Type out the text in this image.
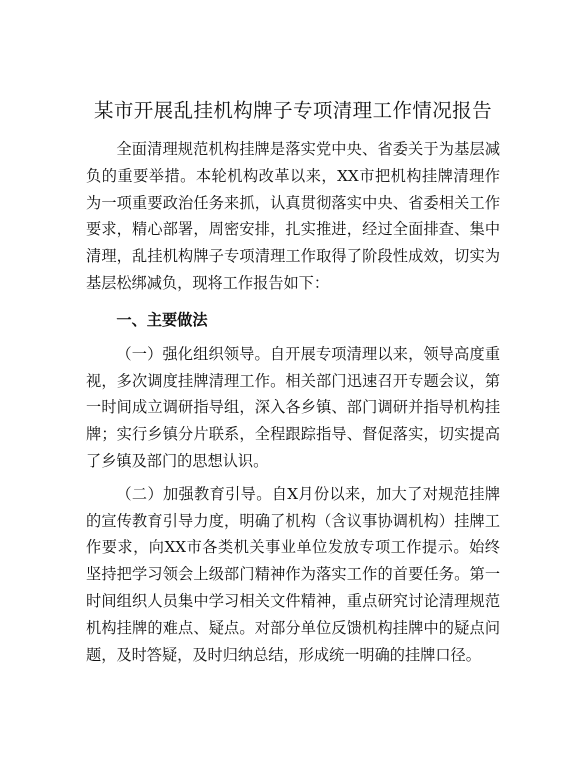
某市开展乱挂机构牌子专项清理工作情况报告

全面清理规范机构挂牌是落实党中央、省委关于为基层减负的重要举措。本轮机构改革以来，XX市把机构挂牌清理作为一项重要政治任务来抓，认真贯彻落实中央、省委相关工作要求，精心部署，周密安排，扎实推进，经过全面排查、集中清理，乱挂机构牌子专项清理工作取得了阶段性成效，切实为基层松绑减负，现将工作报告如下：

一、主要做法

（一）强化组织领导。自开展专项清理以来，领导高度重视，多次调度挂牌清理工作。相关部门迅速召开专题会议，第一时间成立调研指导组，深入各乡镇、部门调研并指导机构挂牌；实行乡镇分片联系，全程跟踪指导、督促落实，切实提高了乡镇及部门的思想认识。

（二）加强教育引导。自X月份以来，加大了对规范挂牌的宣传教育引导力度，明确了机构（含议事协调机构）挂牌工作要求，向XX市各类机关事业单位发放专项工作提示。始终坚持把学习领会上级部门精神作为落实工作的首要任务。第一时间组织人员集中学习相关文件精神，重点研究讨论清理规范机构挂牌的难点、疑点。对部分单位反馈机构挂牌中的疑点问题，及时答疑，及时归纳总结，形成统一明确的挂牌口径。
